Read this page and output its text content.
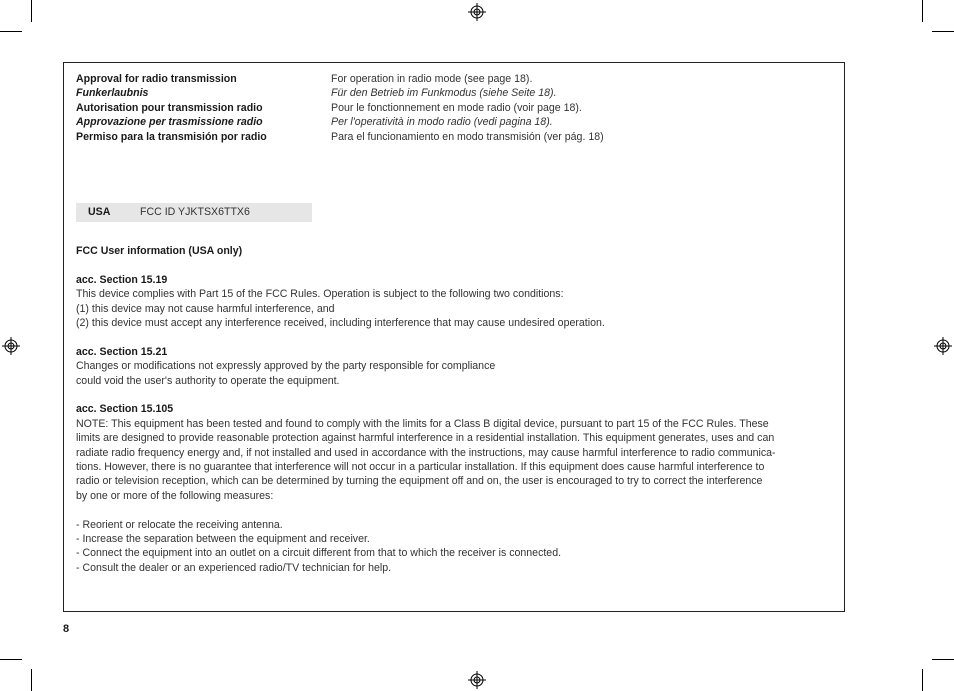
Approval for radio transmission	For operation in radio mode (see page 18).
Funkerlaubnis	Für den Betrieb im Funkmodus (siehe Seite 18).
Autorisation pour transmission radio	Pour le fonctionnement en mode radio (voir page 18).
Approvazione per trasmissione radio	Per l'operatività in modo radio (vedi pagina 18).
Permiso para la transmisión por radio	Para el funcionamiento en modo transmisión (ver pág. 18)
USA	FCC ID YJKTSX6TTX6

FCC User information (USA only)

acc. Section 15.19

This device complies with Part 15 of the FCC Rules. Operation is subject to the following two conditions:

(1) this device may not cause harmful interference, and

(2) this device must accept any interference received, including interference that may cause undesired operation.

acc. Section 15.21

Changes or modifications not expressly approved by the party responsible for compliance

could void the user's authority to operate the equipment.

acc. Section 15.105

NOTE: This equipment has been tested and found to comply with the limits for a Class B digital device, pursuant to part 15 of the FCC Rules. These

limits are designed to provide reasonable protection against harmful interference in a residential installation. This equipment generates, uses and can

radiate radio frequency energy and, if not installed and used in accordance with the instructions, may cause harmful interference to radio communica-

tions. However, there is no guarantee that interference will not occur in a particular installation. If this equipment does cause harmful interference to

radio or television reception, which can be determined by turning the equipment off and on, the user is encouraged to try to correct the interference

by one or more of the following measures:

- Reorient or relocate the receiving antenna.

- Increase the separation between the equipment and receiver.

- Connect the equipment into an outlet on a circuit different from that to which the receiver is connected.

- Consult the dealer or an experienced radio/TV technician for help.

8
